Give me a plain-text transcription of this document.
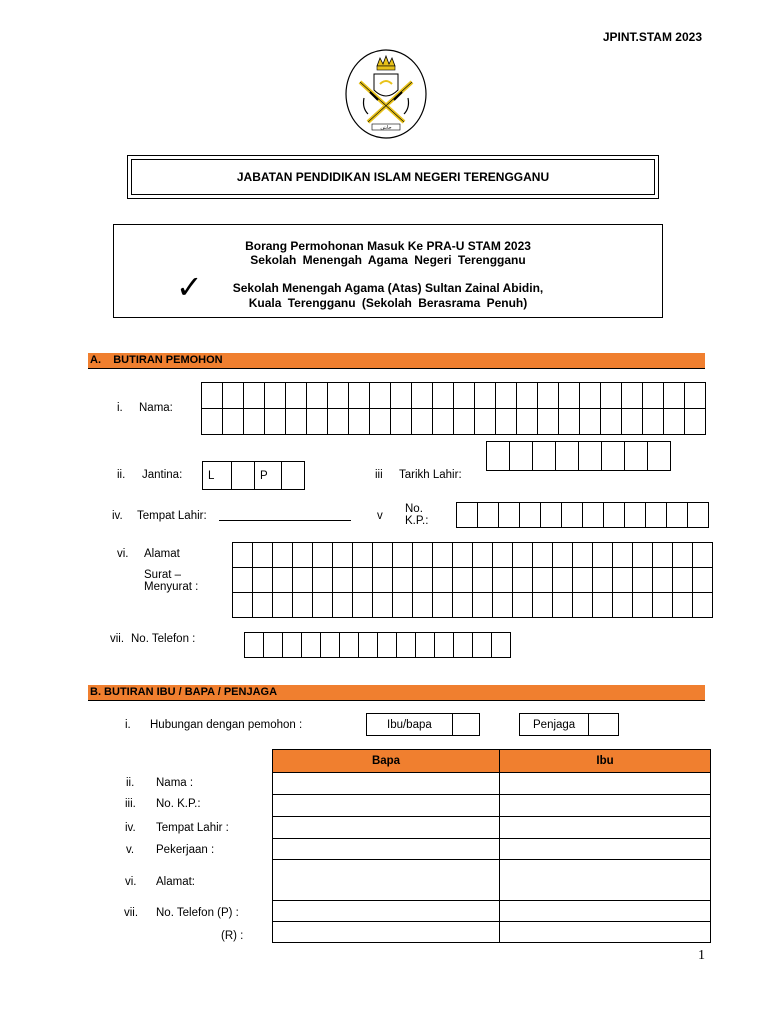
JPINT.STAM 2023
جابتن
JABATAN PENDIDIKAN ISLAM NEGERI TERENGGANU
Borang Permohonan Masuk Ke PRA-U STAM 2023
Sekolah Menengah Agama Negeri Terengganu
✓	Sekolah Menengah Agama (Atas) Sultan Zainal Abidin,
Kuala Terengganu (Sekolah Berasrama Penuh)
A.    BUTIRAN PEMOHON
i. Nama:

ii. Jantina: L		P		iii Tarikh Lahir:

iv. Tempat Lahir:	v
No.
K.P.:

vi. Alamat
Surat –
Menyurat :

vii. No. Telefon :

B. BUTIRAN IBU / BAPA / PENJAGA
i. Hubungan dengan pemohon :	Ibu/bapa		Penjaga	
Bapa	Ibu

ii. Nama :
iii. No. K.P.:
iv. Tempat Lahir :
v. Pekerjaan :
vi. Alamat:
vii. No. Telefon (P) :
(R) :
1
